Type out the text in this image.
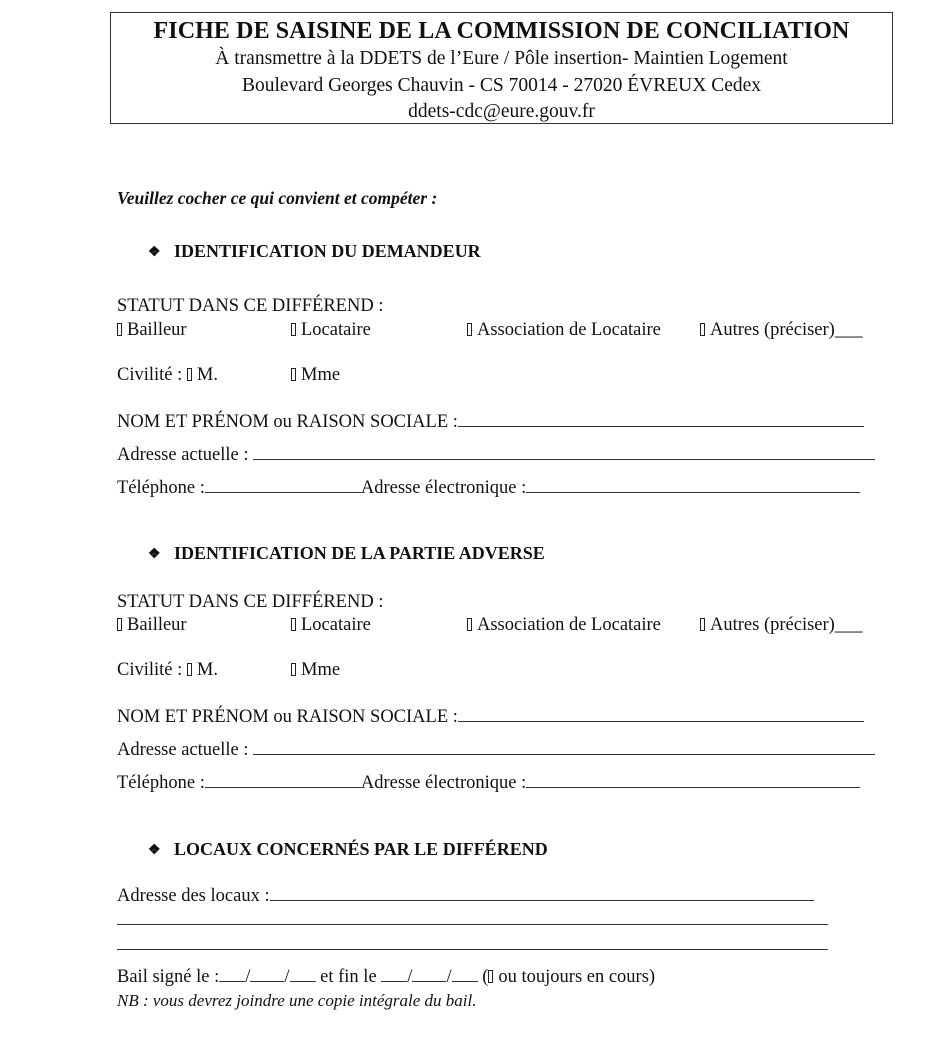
FICHE DE SAISINE DE LA COMMISSION DE CONCILIATION
À transmettre à la DDETS de l’Eure / Pôle insertion- Maintien Logement
Boulevard Georges Chauvin - CS 70014 - 27020 ÉVREUX Cedex
ddets-cdc@eure.gouv.fr
Veuillez cocher ce qui convient et compéter :
❖ IDENTIFICATION DU DEMANDEUR
STATUT DANS CE DIFFÉREND :
Bailleur	Locataire	Association de Locataire	Autres (préciser)___
Civilité : M.	Mme
NOM ET PRÉNOM ou RAISON SOCIALE :
Adresse actuelle :
Téléphone :	Adresse électronique :
❖ IDENTIFICATION DE LA PARTIE ADVERSE
STATUT DANS CE DIFFÉREND :
Bailleur	Locataire	Association de Locataire	Autres (préciser)___
Civilité : M.	Mme
NOM ET PRÉNOM ou RAISON SOCIALE :
Adresse actuelle :
Téléphone :	Adresse électronique :
❖ LOCAUX CONCERNÉS PAR LE DIFFÉREND
Adresse des locaux :
Bail signé le : / / et fin le / / ( ou toujours en cours)
NB : vous devrez joindre une copie intégrale du bail.
